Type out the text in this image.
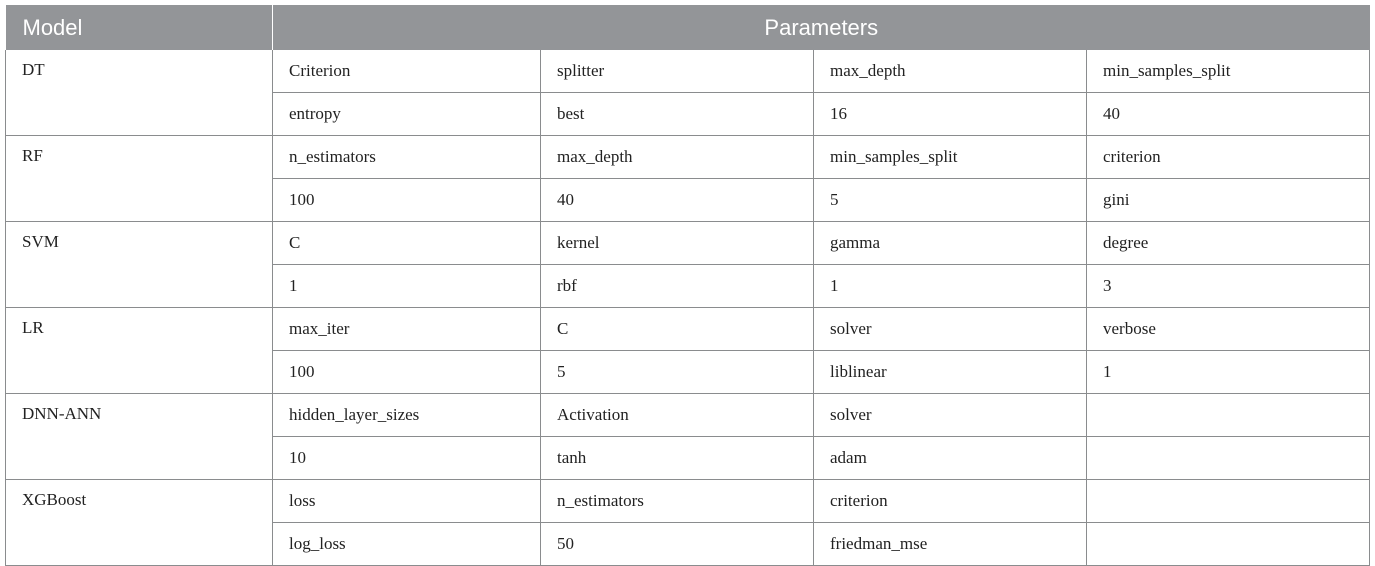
Model	Parameters			
DT	Criterion	splitter	max_depth	min_samples_split
	entropy	best	16	40
RF	n_estimators	max_depth	min_samples_split	criterion
	100	40	5	gini
SVM	C	kernel	gamma	degree
	1	rbf	1	3
LR	max_iter	C	solver	verbose
	100	5	liblinear	1
DNN-ANN	hidden_layer_sizes	Activation	solver	
	10	tanh	adam	
XGBoost	loss	n_estimators	criterion	
	log_loss	50	friedman_mse	
